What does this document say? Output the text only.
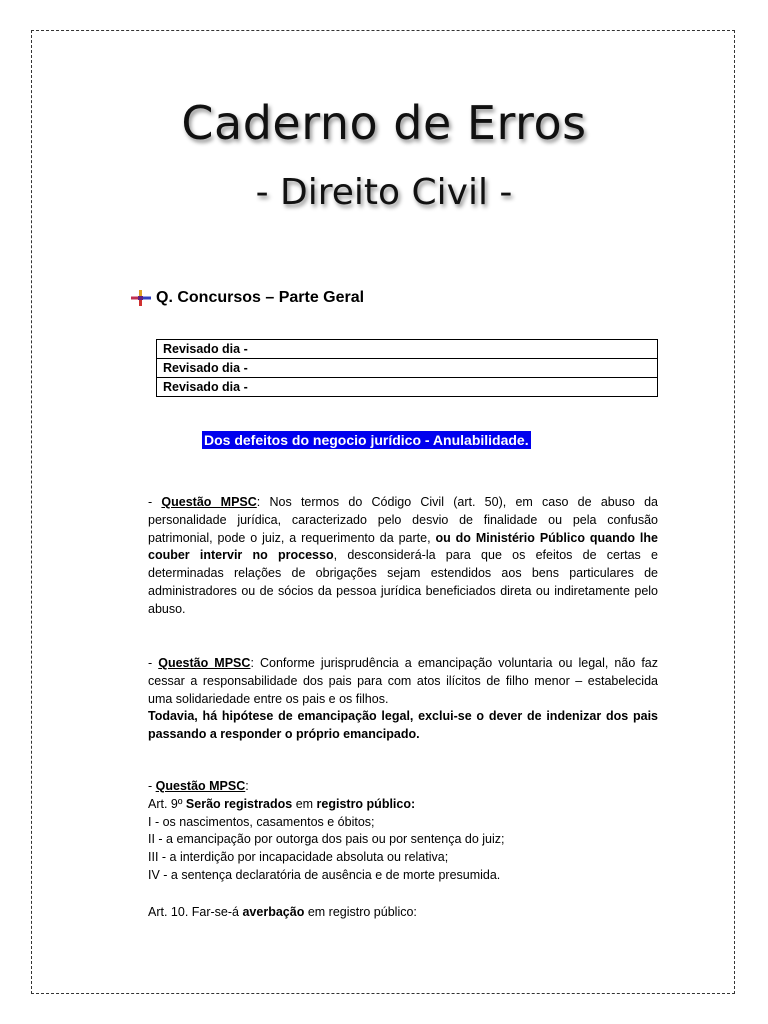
Caderno de Erros
- Direito Civil -
Q. Concursos – Parte Geral
Revisado dia -
Revisado dia -
Revisado dia -
Dos defeitos do negocio jurídico - Anulabilidade.

- Questão MPSC: Nos termos do Código Civil (art. 50), em caso de abuso da personalidade jurídica, caracterizado pelo desvio de finalidade ou pela confusão patrimonial, pode o juiz, a requerimento da parte, ou do Ministério Público quando lhe couber intervir no processo, desconsiderá-la para que os efeitos de certas e determinadas relações de obrigações sejam estendidos aos bens particulares de administradores ou de sócios da pessoa jurídica beneficiados direta ou indiretamente pelo abuso.

- Questão MPSC: Conforme jurisprudência a emancipação voluntaria ou legal, não faz cessar a responsabilidade dos pais para com atos ilícitos de filho menor – estabelecida uma solidariedade entre os pais e os filhos.

Todavia, há hipótese de emancipação legal, exclui-se o dever de indenizar dos pais passando a responder o próprio emancipado.

- Questão MPSC:

Art. 9º Serão registrados em registro público:

I - os nascimentos, casamentos e óbitos;

II - a emancipação por outorga dos pais ou por sentença do juiz;

III - a interdição por incapacidade absoluta ou relativa;

IV - a sentença declaratória de ausência e de morte presumida.

Art. 10. Far-se-á averbação em registro público:
